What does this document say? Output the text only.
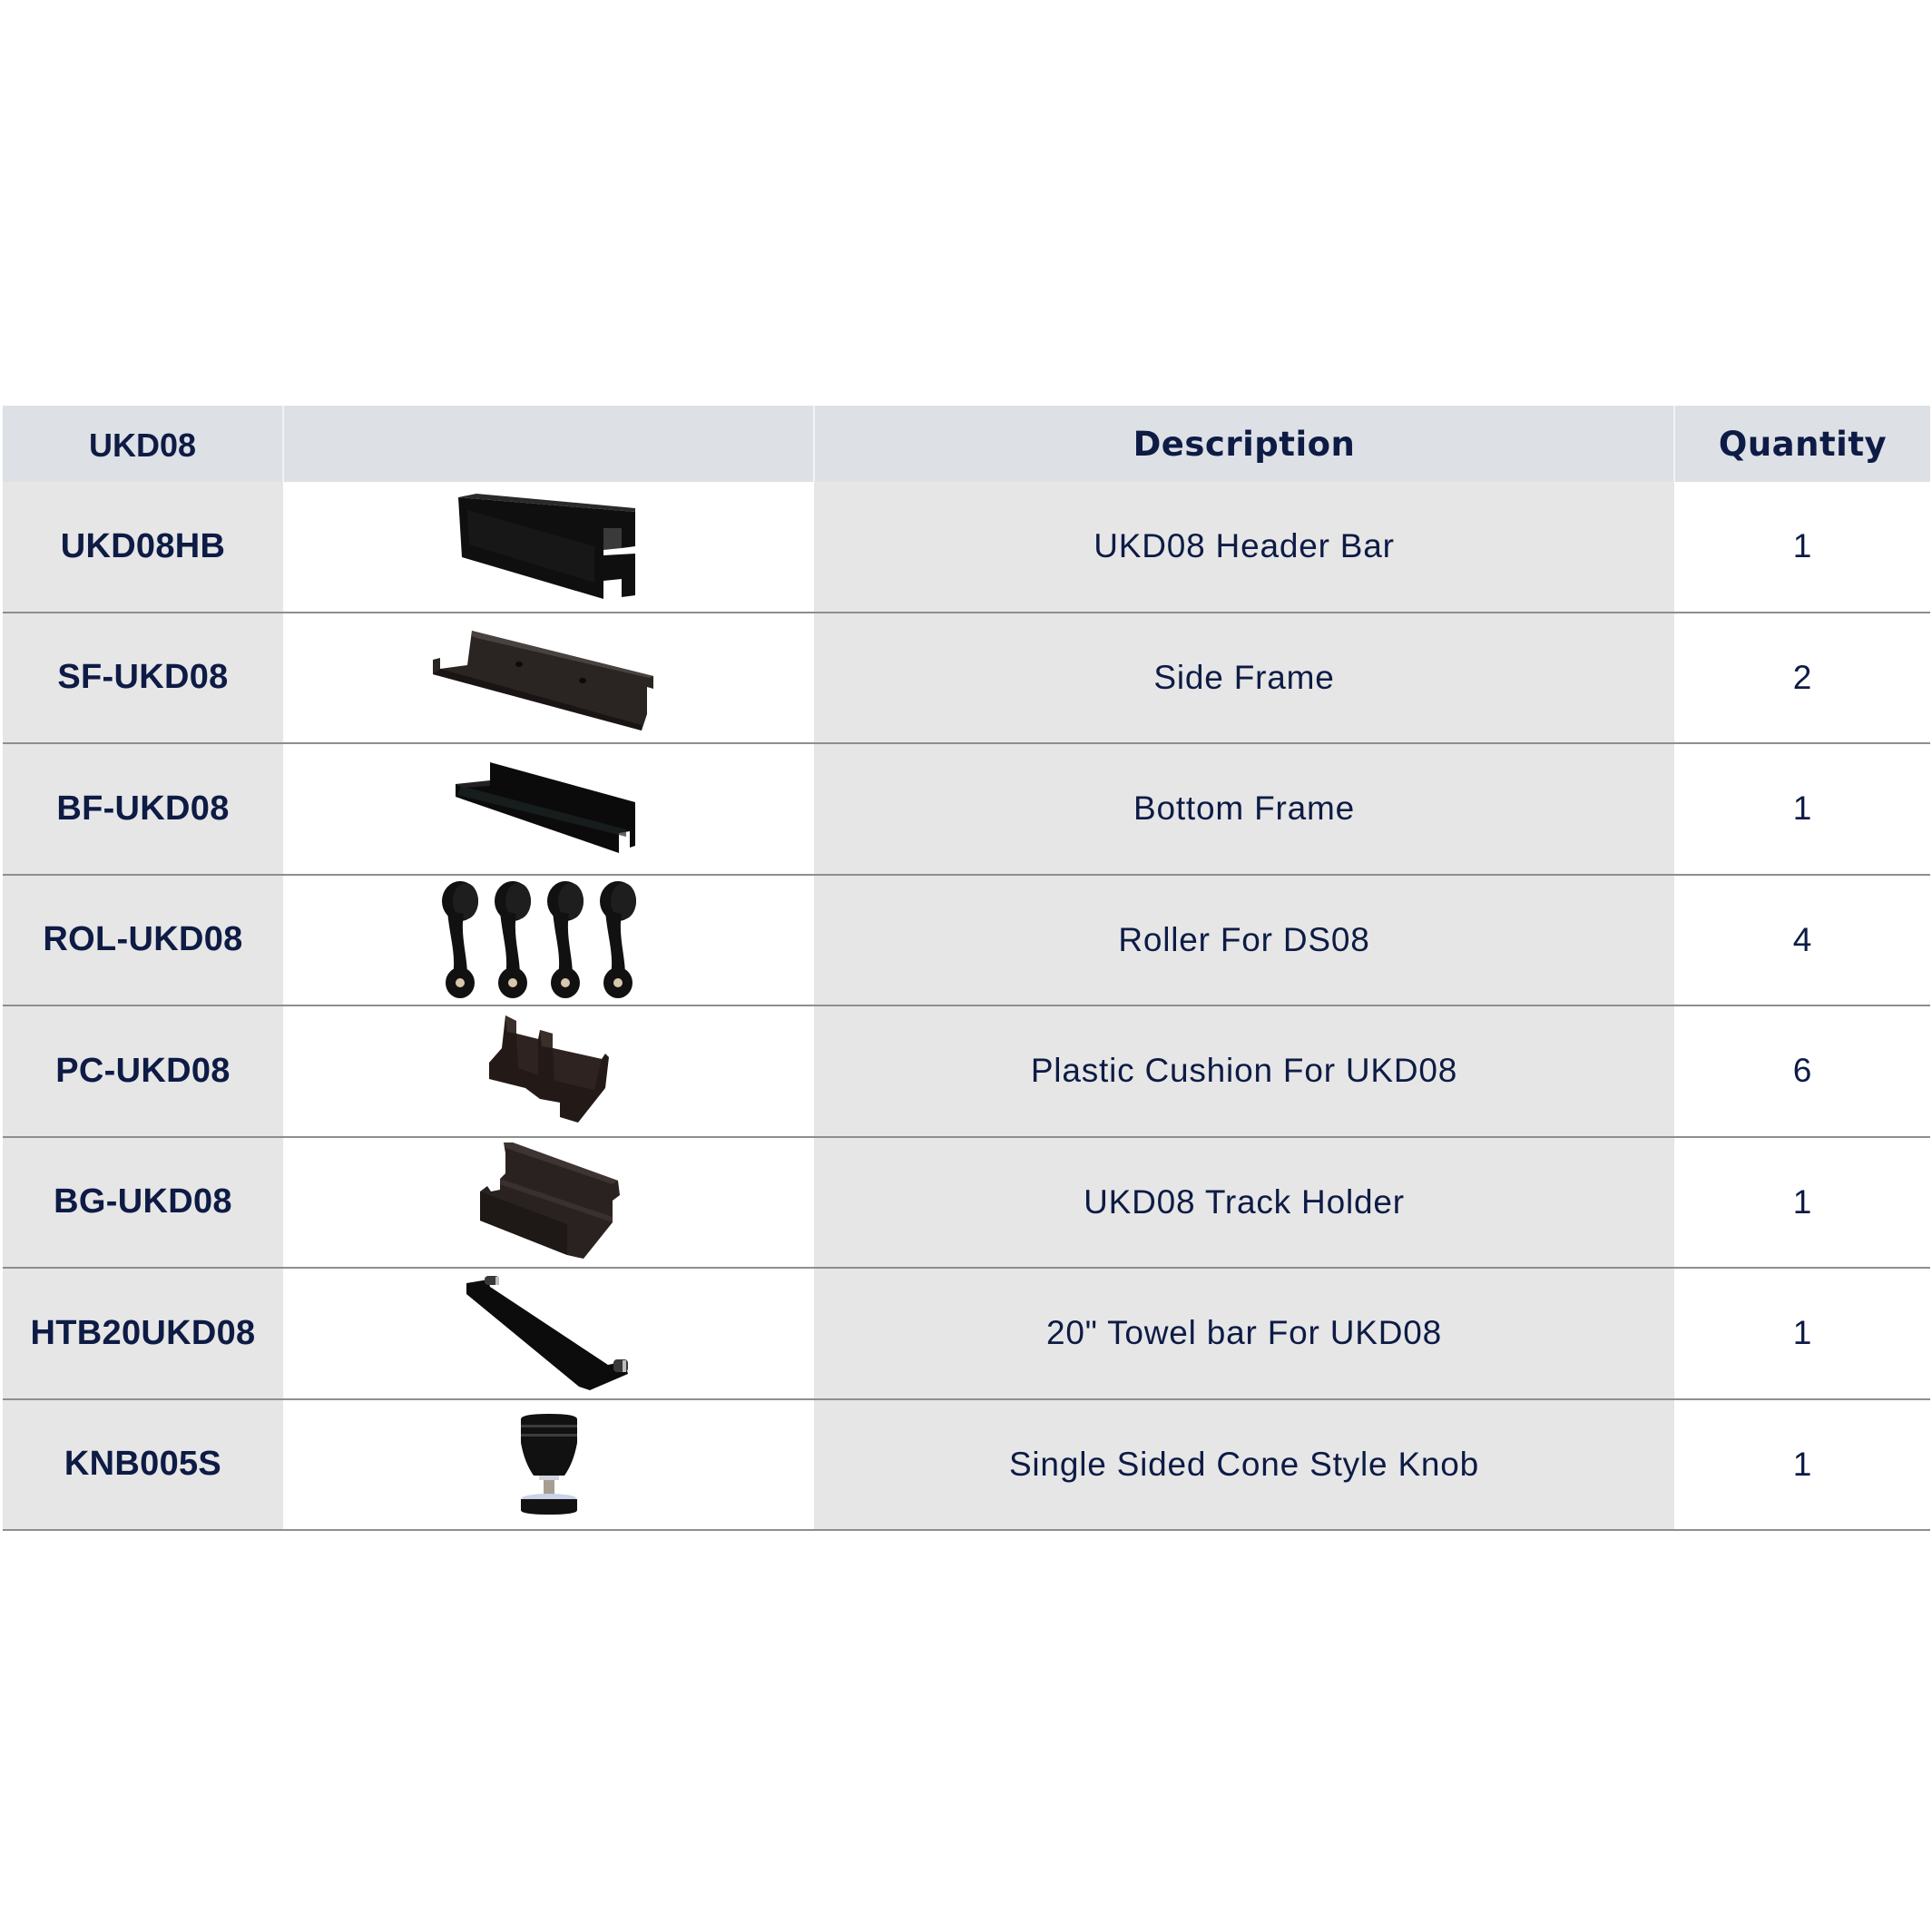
UKD08		Description	Quantity
UKD08HB		UKD08 Header Bar	1
SF-UKD08		Side Frame	2
BF-UKD08		Bottom Frame	1
ROL-UKD08		Roller For DS08	4
PC-UKD08		Plastic Cushion For UKD08	6
BG-UKD08		UKD08 Track Holder	1
HTB20UKD08		20" Towel bar For UKD08	1
KNB005S		Single Sided Cone Style Knob	1
